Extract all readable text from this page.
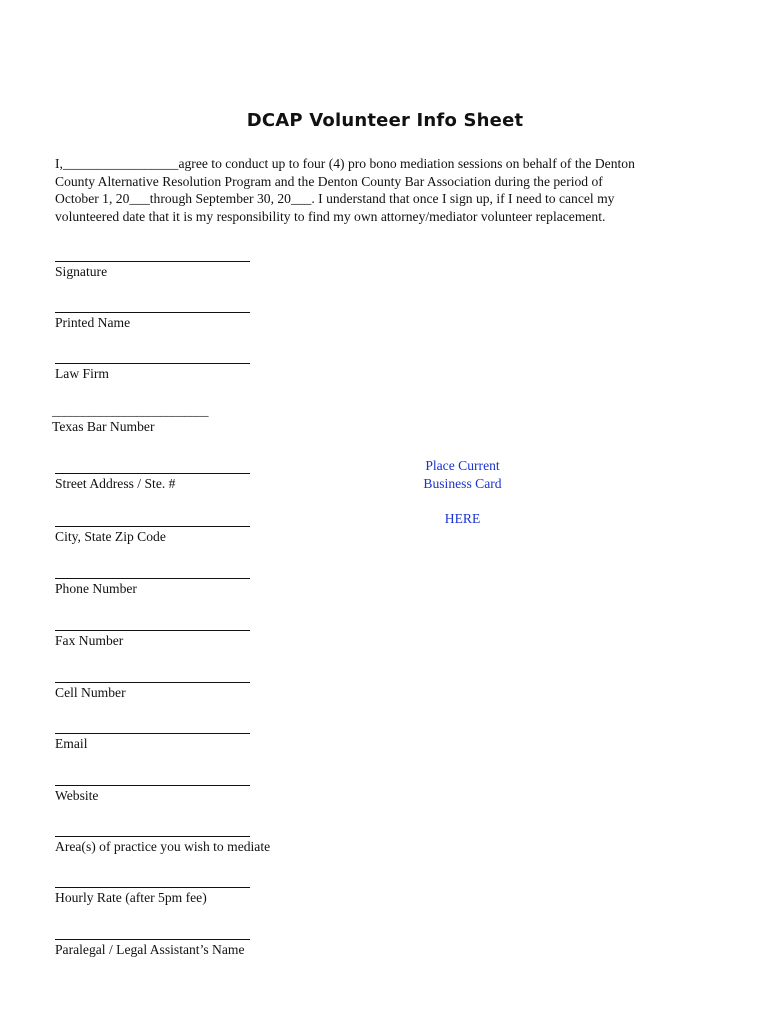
DCAP Volunteer Info Sheet
I,_________________agree to conduct up to four (4) pro bono mediation sessions on behalf of the Denton
County Alternative Resolution Program and the Denton County Bar Association during the period of
October 1, 20___through September 30, 20___. I understand that once I sign up, if I need to cancel my
volunteered date that it is my responsibility to find my own attorney/mediator volunteer replacement.
Signature
Printed Name
Law Firm
__________________________
Texas Bar Number
Street Address / Ste. #
City, State Zip Code
Phone Number
Fax Number
Cell Number
Email
Website
Area(s) of practice you wish to mediate
Hourly Rate (after 5pm fee)
Paralegal / Legal Assistant’s Name
Place Current
Business Card
HERE
